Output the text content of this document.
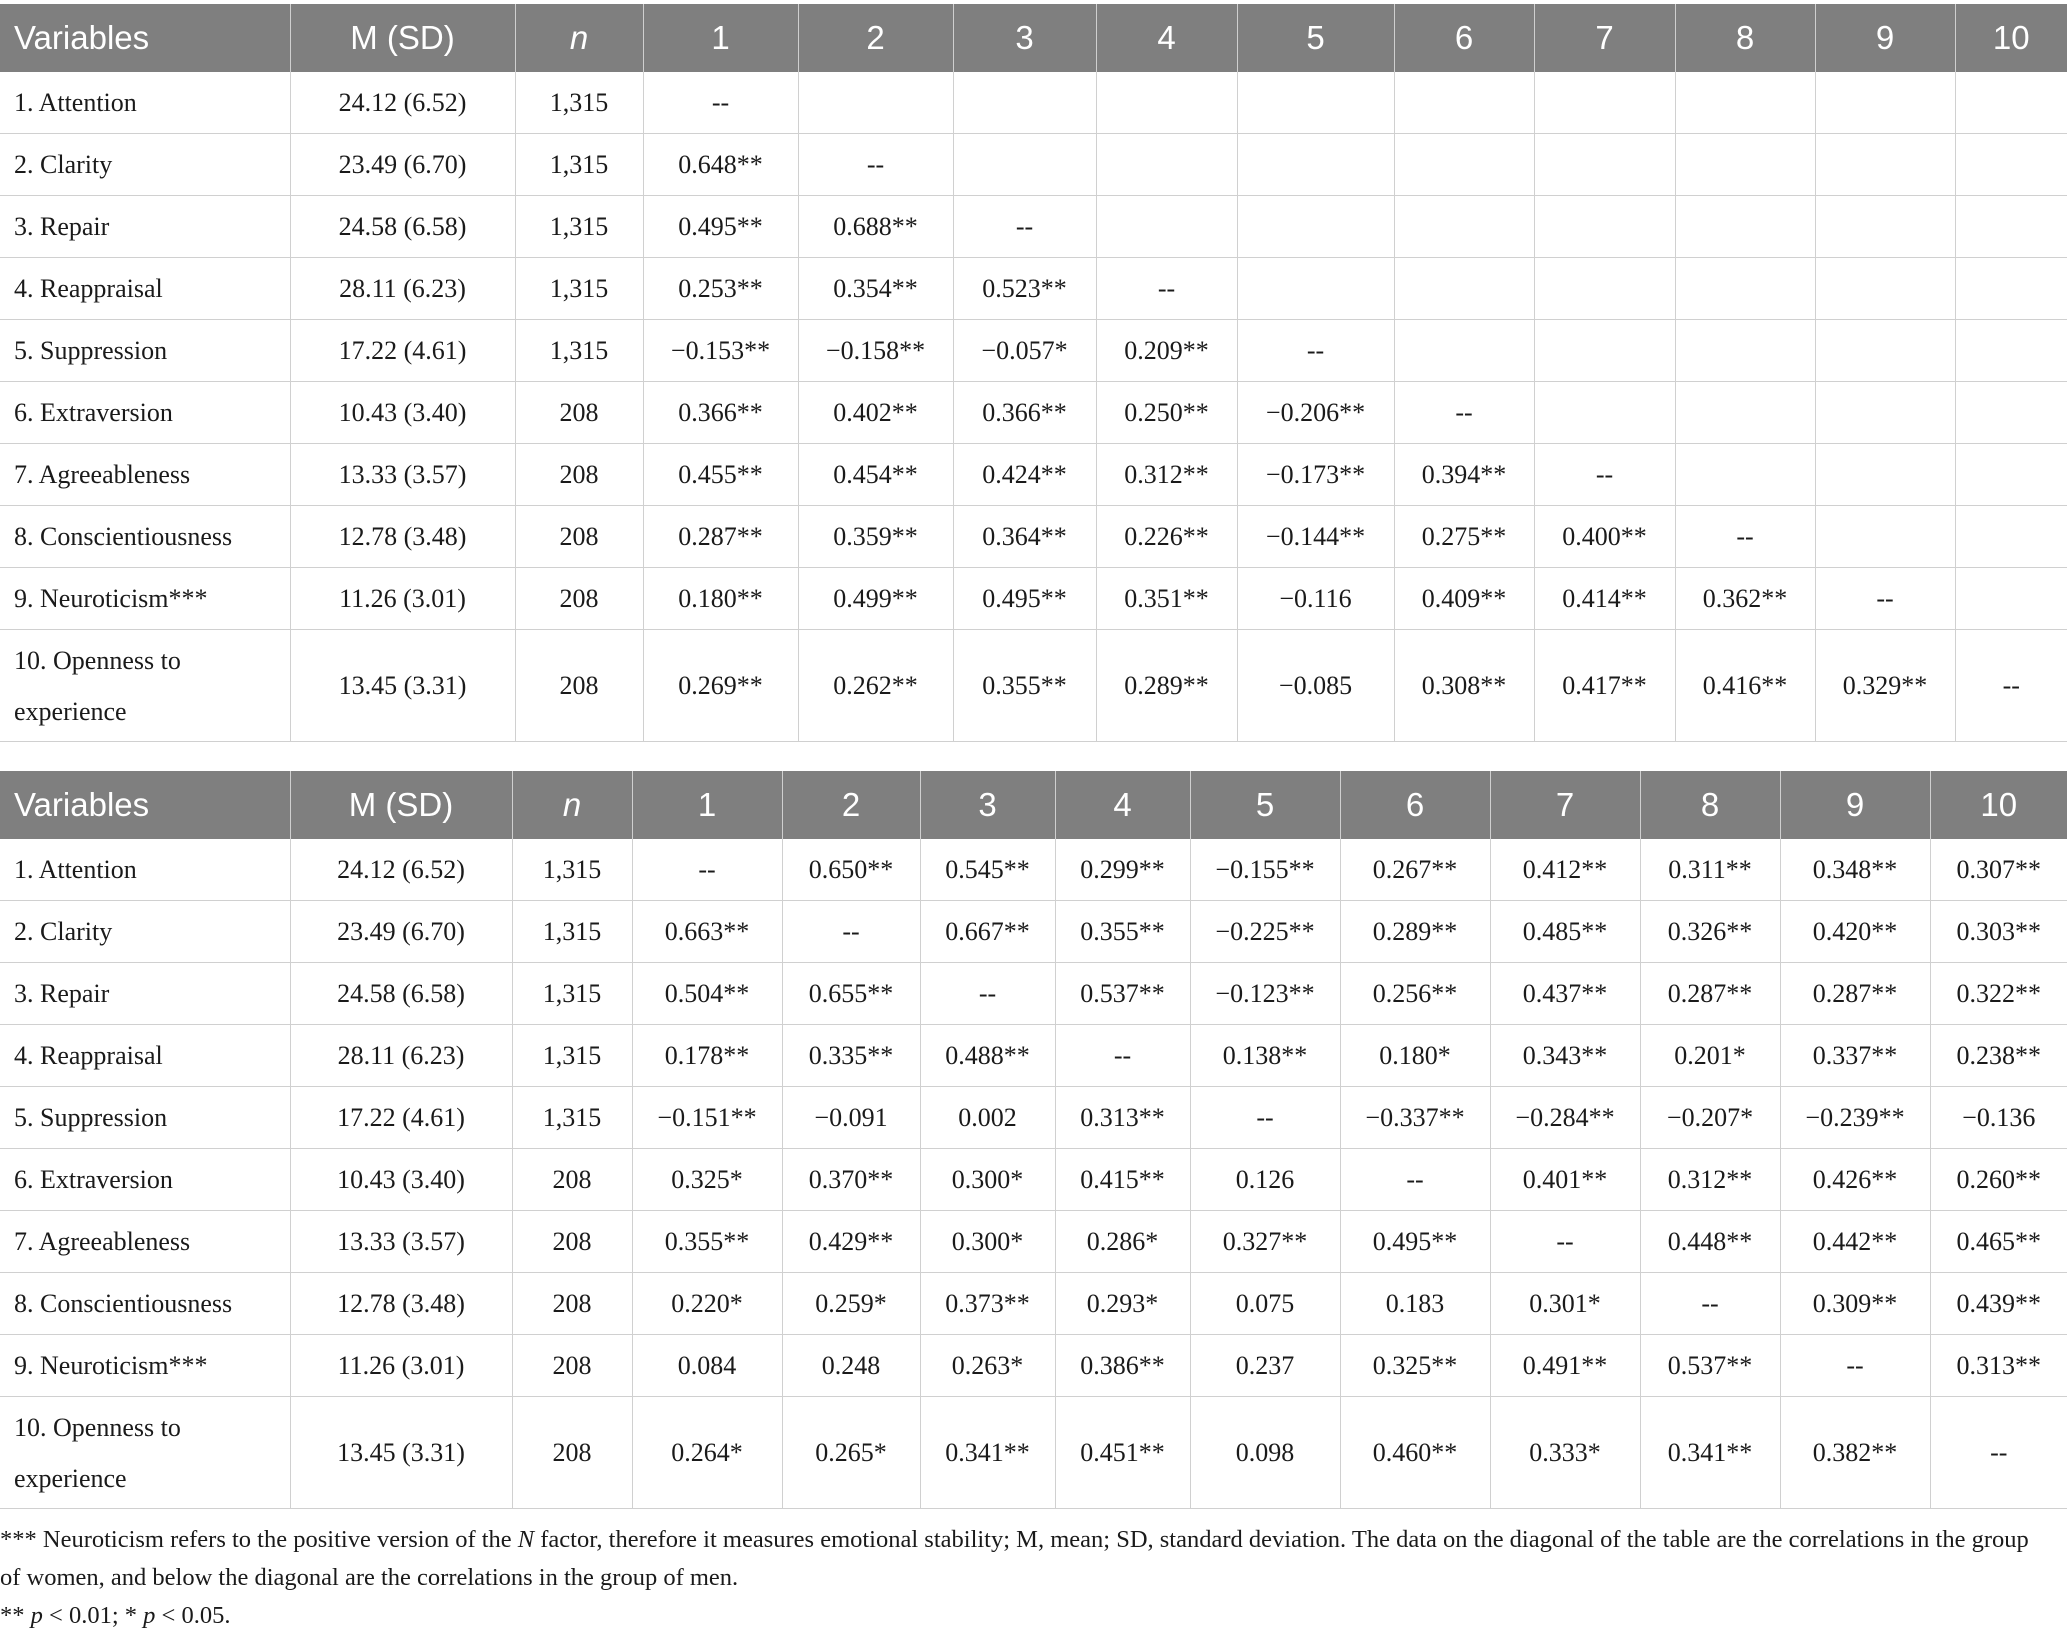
Variables	M (SD)	n	1	2	3	4	5	6	7	8	9	10
1. Attention	24.12 (6.52)	1,315	--									
2. Clarity	23.49 (6.70)	1,315	0.648**	--								
3. Repair	24.58 (6.58)	1,315	0.495**	0.688**	--							
4. Reappraisal	28.11 (6.23)	1,315	0.253**	0.354**	0.523**	--						
5. Suppression	17.22 (4.61)	1,315	−0.153**	−0.158**	−0.057*	0.209**	--					
6. Extraversion	10.43 (3.40)	208	0.366**	0.402**	0.366**	0.250**	−0.206**	--				
7. Agreeableness	13.33 (3.57)	208	0.455**	0.454**	0.424**	0.312**	−0.173**	0.394**	--			
8. Conscientiousness	12.78 (3.48)	208	0.287**	0.359**	0.364**	0.226**	−0.144**	0.275**	0.400**	--		
9. Neuroticism***	11.26 (3.01)	208	0.180**	0.499**	0.495**	0.351**	−0.116	0.409**	0.414**	0.362**	--	
10. Openness to experience	13.45 (3.31)	208	0.269**	0.262**	0.355**	0.289**	−0.085	0.308**	0.417**	0.416**	0.329**	--
Variables	M (SD)	n	1	2	3	4	5	6	7	8	9	10
1. Attention	24.12 (6.52)	1,315	--	0.650**	0.545**	0.299**	−0.155**	0.267**	0.412**	0.311**	0.348**	0.307**
2. Clarity	23.49 (6.70)	1,315	0.663**	--	0.667**	0.355**	−0.225**	0.289**	0.485**	0.326**	0.420**	0.303**
3. Repair	24.58 (6.58)	1,315	0.504**	0.655**	--	0.537**	−0.123**	0.256**	0.437**	0.287**	0.287**	0.322**
4. Reappraisal	28.11 (6.23)	1,315	0.178**	0.335**	0.488**	--	0.138**	0.180*	0.343**	0.201*	0.337**	0.238**
5. Suppression	17.22 (4.61)	1,315	−0.151**	−0.091	0.002	0.313**	--	−0.337**	−0.284**	−0.207*	−0.239**	−0.136
6. Extraversion	10.43 (3.40)	208	0.325*	0.370**	0.300*	0.415**	0.126	--	0.401**	0.312**	0.426**	0.260**
7. Agreeableness	13.33 (3.57)	208	0.355**	0.429**	0.300*	0.286*	0.327**	0.495**	--	0.448**	0.442**	0.465**
8. Conscientiousness	12.78 (3.48)	208	0.220*	0.259*	0.373**	0.293*	0.075	0.183	0.301*	--	0.309**	0.439**
9. Neuroticism***	11.26 (3.01)	208	0.084	0.248	0.263*	0.386**	0.237	0.325**	0.491**	0.537**	--	0.313**
10. Openness to experience	13.45 (3.31)	208	0.264*	0.265*	0.341**	0.451**	0.098	0.460**	0.333*	0.341**	0.382**	--

*** Neuroticism refers to the positive version of the N factor, therefore it measures emotional stability; M, mean; SD, standard deviation. The data on the diagonal of the table are the correlations in the group of women, and below the diagonal are the correlations in the group of men.

** p < 0.01; * p < 0.05.
